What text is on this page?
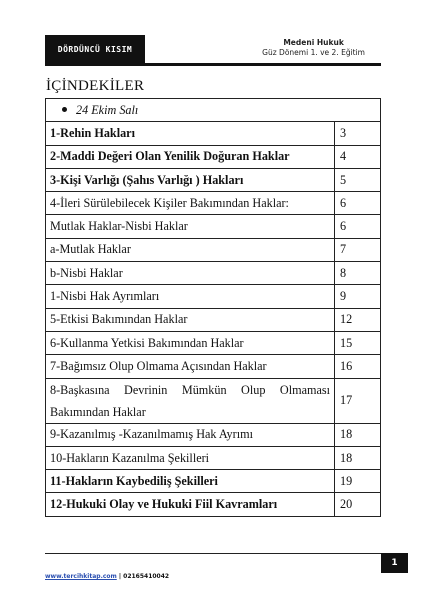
DÖRDÜNCÜ KISIM
Medeni Hukuk
Güz Dönemi 1. ve 2. Eğitim
İÇİNDEKİLER
24 Ekim Salı	
1-Rehin Hakları	3
2-Maddi Değeri Olan Yenilik Doğuran Haklar	4
3-Kişi Varlığı (Şahıs Varlığı ) Hakları	5
4-İleri Sürülebilecek Kişiler Bakımından Haklar:	6
Mutlak Haklar-Nisbi Haklar	6
a-Mutlak Haklar	7
b-Nisbi Haklar	8
1-Nisbi Hak Ayrımları	9
5-Etkisi Bakımından Haklar	12
6-Kullanma Yetkisi Bakımından Haklar	15
7-Bağımsız Olup Olmama Açısından Haklar	16
8-Başkasına Devrinin Mümkün Olup Olmaması Bakımından Haklar	17
9-Kazanılmış -Kazanılmamış Hak Ayrımı	18
10-Hakların Kazanılma Şekilleri	18
11-Hakların Kaybediliş Şekilleri	19
12-Hukuki Olay ve Hukuki Fiil Kavramları	20
www.tercihkitap.com | 02165410042
1
